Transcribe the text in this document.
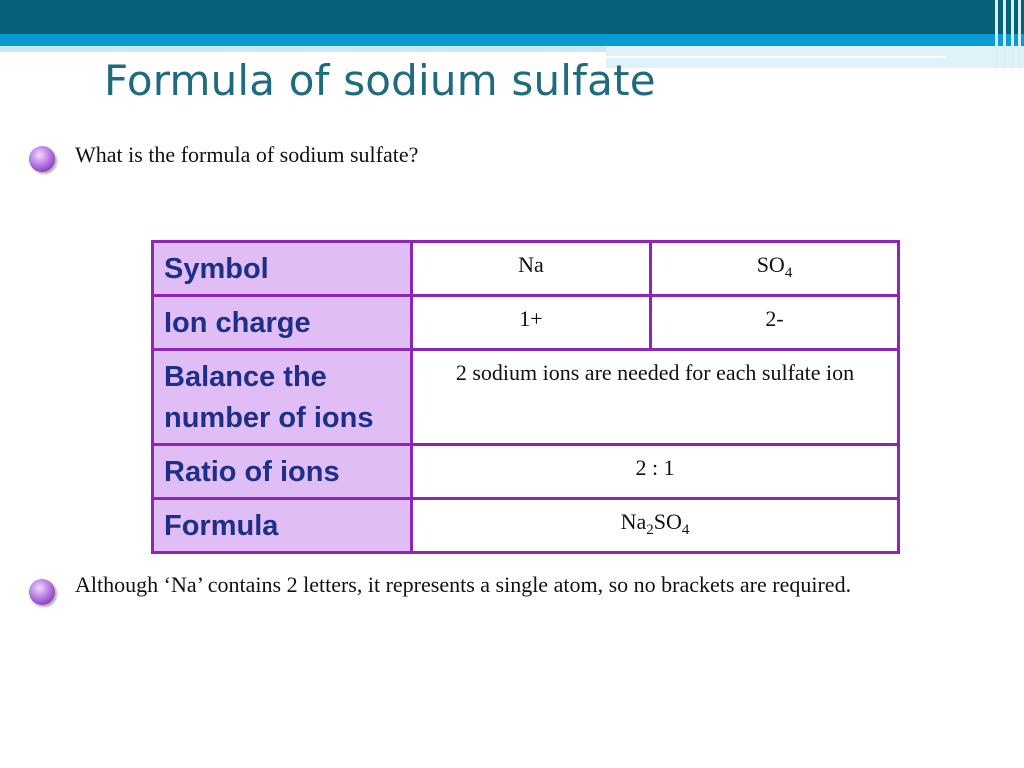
Formula of sodium sulfate
What is the formula of sodium sulfate?
Symbol	Na	$SO_4$
Ion charge	1+	2-
Balance the number of ions	2 sodium ions are needed for each sulfate ion	
Ratio of ions	2 : 1	
Formula	$Na_2SO_4$
Although ‘Na’ contains 2 letters, it represents a single atom, so no brackets are required.
